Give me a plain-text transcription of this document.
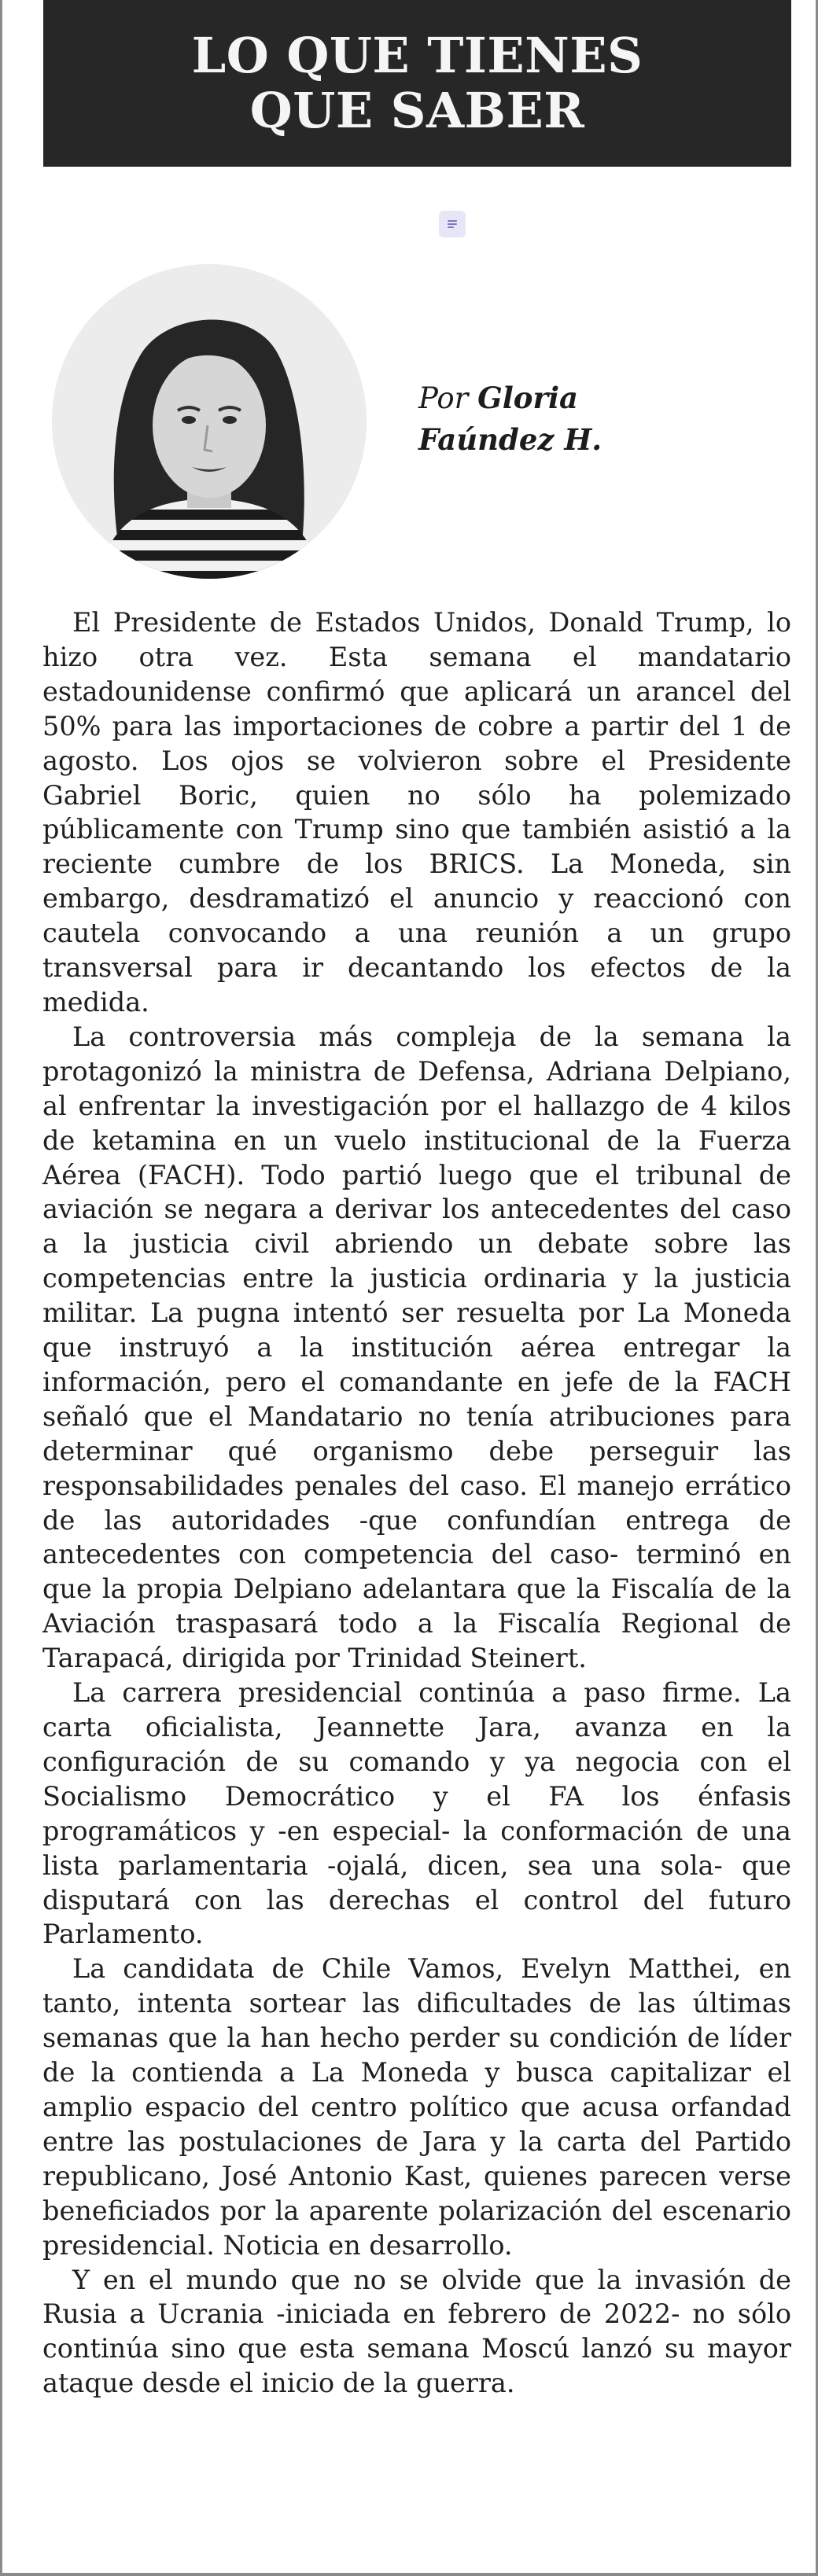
LO QUE TIENES
QUE SABER
Por Gloria
Faúndez H.

El Presidente de Estados Unidos, Donald Trump, lo hizo otra vez. Esta semana el mandatario estadounidense confirmó que aplicará un arancel del 50% para las importaciones de cobre a partir del 1 de agosto. Los ojos se volvieron sobre el Presidente Gabriel Boric, quien no sólo ha polemizado públicamente con Trump sino que también asistió a la reciente cumbre de los BRICS. La Moneda, sin embargo, desdramatizó el anuncio y reaccionó con cautela convocando a una reunión a un grupo transversal para ir decantando los efectos de la medida.

La controversia más compleja de la semana la protagonizó la ministra de Defensa, Adriana Delpiano, al enfrentar la investigación por el hallazgo de 4 kilos de ketamina en un vuelo institucional de la Fuerza Aérea (FACH). Todo partió luego que el tribunal de aviación se negara a derivar los antecedentes del caso a la justicia civil abriendo un debate sobre las competencias entre la justicia ordinaria y la justicia militar. La pugna intentó ser resuelta por La Moneda que instruyó a la institución aérea entregar la información, pero el comandante en jefe de la FACH señaló que el Mandatario no tenía atribuciones para determinar qué organismo debe perseguir las responsabilidades penales del caso. El manejo errático de las autoridades -que confundían entrega de antecedentes con competencia del caso- terminó en que la propia Delpiano adelantara que la Fiscalía de la Aviación traspasará todo a la Fiscalía Regional de Tarapacá, dirigida por Trinidad Steinert.

La carrera presidencial continúa a paso firme. La carta oficialista, Jeannette Jara, avanza en la configuración de su comando y ya negocia con el Socialismo Democrático y el FA los énfasis programáticos y -en especial- la conformación de una lista parlamentaria -ojalá, dicen, sea una sola- que disputará con las derechas el control del futuro Parlamento.

La candidata de Chile Vamos, Evelyn Matthei, en tanto, intenta sortear las dificultades de las últimas semanas que la han hecho perder su condición de líder de la contienda a La Moneda y busca capitalizar el amplio espacio del centro político que acusa orfandad entre las postulaciones de Jara y la carta del Partido republicano, José Antonio Kast, quienes parecen verse beneficiados por la aparente polarización del escenario presidencial. Noticia en desarrollo.

Y en el mundo que no se olvide que la invasión de Rusia a Ucrania -iniciada en febrero de 2022- no sólo continúa sino que esta semana Moscú lanzó su mayor ataque desde el inicio de la guerra.
